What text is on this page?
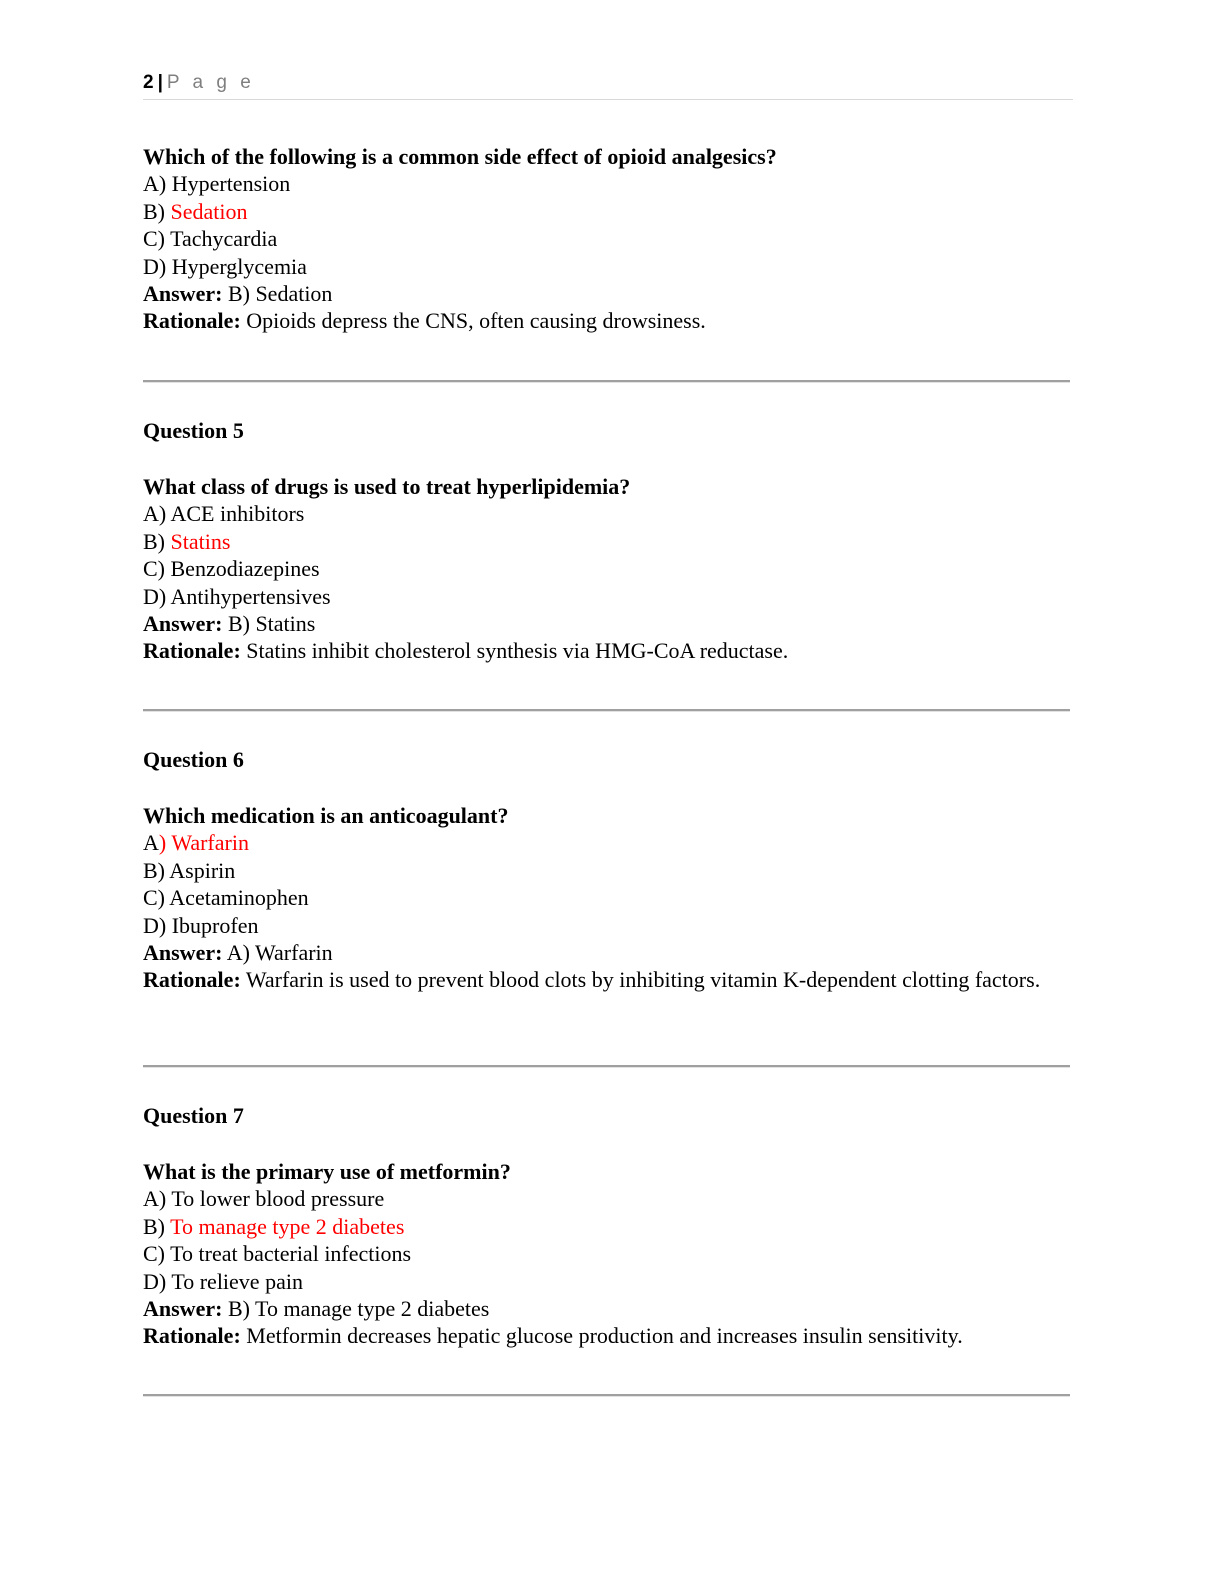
2 | P a g e
Which of the following is a common side effect of opioid analgesics?
A) Hypertension
B) Sedation
C) Tachycardia
D) Hyperglycemia
Answer: B) Sedation
Rationale: Opioids depress the CNS, often causing drowsiness.
Question 5
What class of drugs is used to treat hyperlipidemia?
A) ACE inhibitors
B) Statins
C) Benzodiazepines
D) Antihypertensives
Answer: B) Statins
Rationale: Statins inhibit cholesterol synthesis via HMG-CoA reductase.
Question 6
Which medication is an anticoagulant?
A) Warfarin
B) Aspirin
C) Acetaminophen
D) Ibuprofen
Answer: A) Warfarin
Rationale: Warfarin is used to prevent blood clots by inhibiting vitamin K-dependent clotting factors.
Question 7
What is the primary use of metformin?
A) To lower blood pressure
B) To manage type 2 diabetes
C) To treat bacterial infections
D) To relieve pain
Answer: B) To manage type 2 diabetes
Rationale: Metformin decreases hepatic glucose production and increases insulin sensitivity.
